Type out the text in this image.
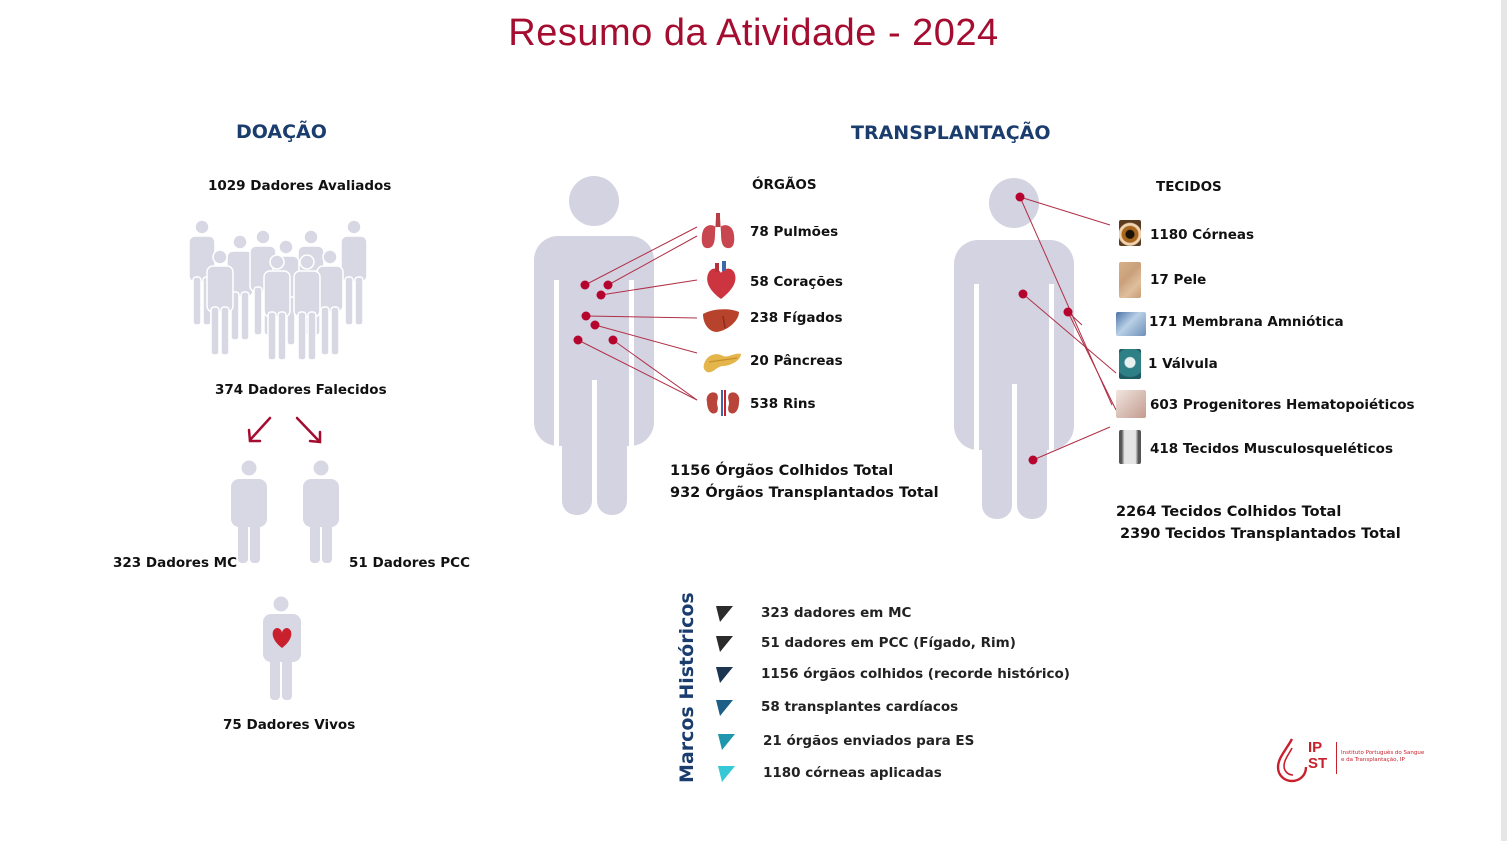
Resumo da Atividade - 2024
DOAÇÃO
1029 Dadores Avaliados
374 Dadores Falecidos
323 Dadores MC	51 Dadores PCC
75 Dadores Vivos
TRANSPLANTAÇÃO
ÓRGÃOS
78 Pulmões
58 Corações
238 Fígados
20 Pâncreas
538 Rins
1156 Órgãos Colhidos Total
932 Órgãos Transplantados Total
TECIDOS
1180 Córneas
17 Pele
171 Membrana Amniótica
1 Válvula
603 Progenitores Hematopoiéticos
418 Tecidos Musculosqueléticos
2264 Tecidos Colhidos Total
2390 Tecidos Transplantados Total
Marcos Históricos	323 dadores em MC
51 dadores em PCC (Fígado, Rim)
1156 órgãos colhidos (recorde histórico)
58 transplantes cardíacos
21 órgãos enviados para ES
1180 córneas aplicadas
IP ST
Instituto Português do Sangue
e da Transplantação, IP
